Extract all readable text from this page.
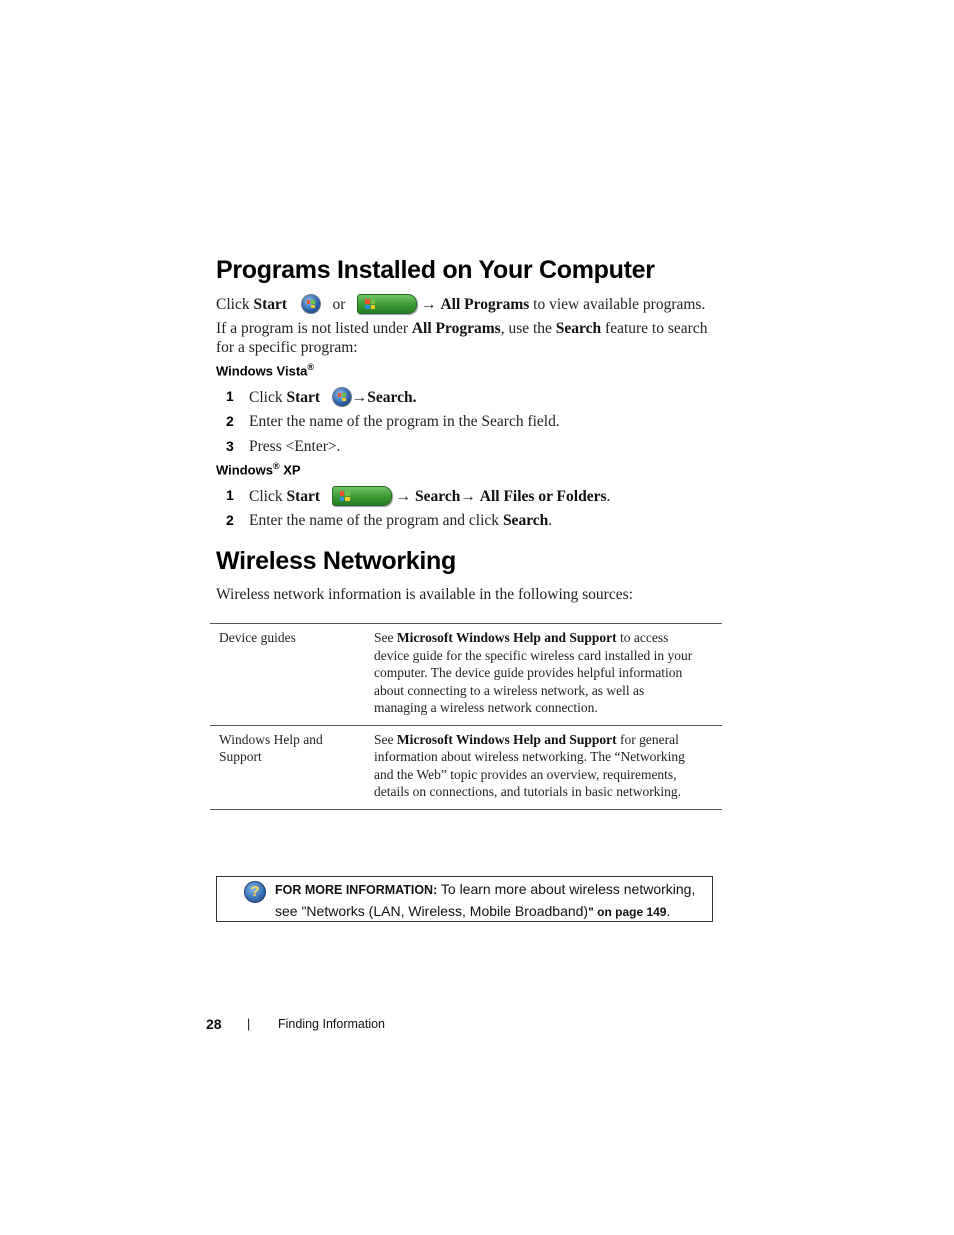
Programs Installed on Your Computer
Click Start	or	→ All Programs to view available programs.
If a program is not listed under All Programs, use the Search feature to search
for a specific program:
Windows Vista®
1 Click Start →Search.
2 Enter the name of the program in the Search field.
3 Press <Enter>.
Windows® XP
1 Click Start	→ Search→ All Files or Folders.
2 Enter the name of the program and click Search.
Wireless Networking
Wireless network information is available in the following sources:
Device guides	See Microsoft Windows Help and Support to access
device guide for the specific wireless card installed in your
computer. The device guide provides helpful information
about connecting to a wireless network, as well as
managing a wireless network connection.
Windows Help and
Support	See Microsoft Windows Help and Support for general
information about wireless networking. The “Networking
and the Web” topic provides an overview, requirements,
details on connections, and tutorials in basic networking.
?	FOR MORE INFORMATION: To learn more about wireless networking,
see "Networks (LAN, Wireless, Mobile Broadband)" on page 149.
28 | Finding Information
